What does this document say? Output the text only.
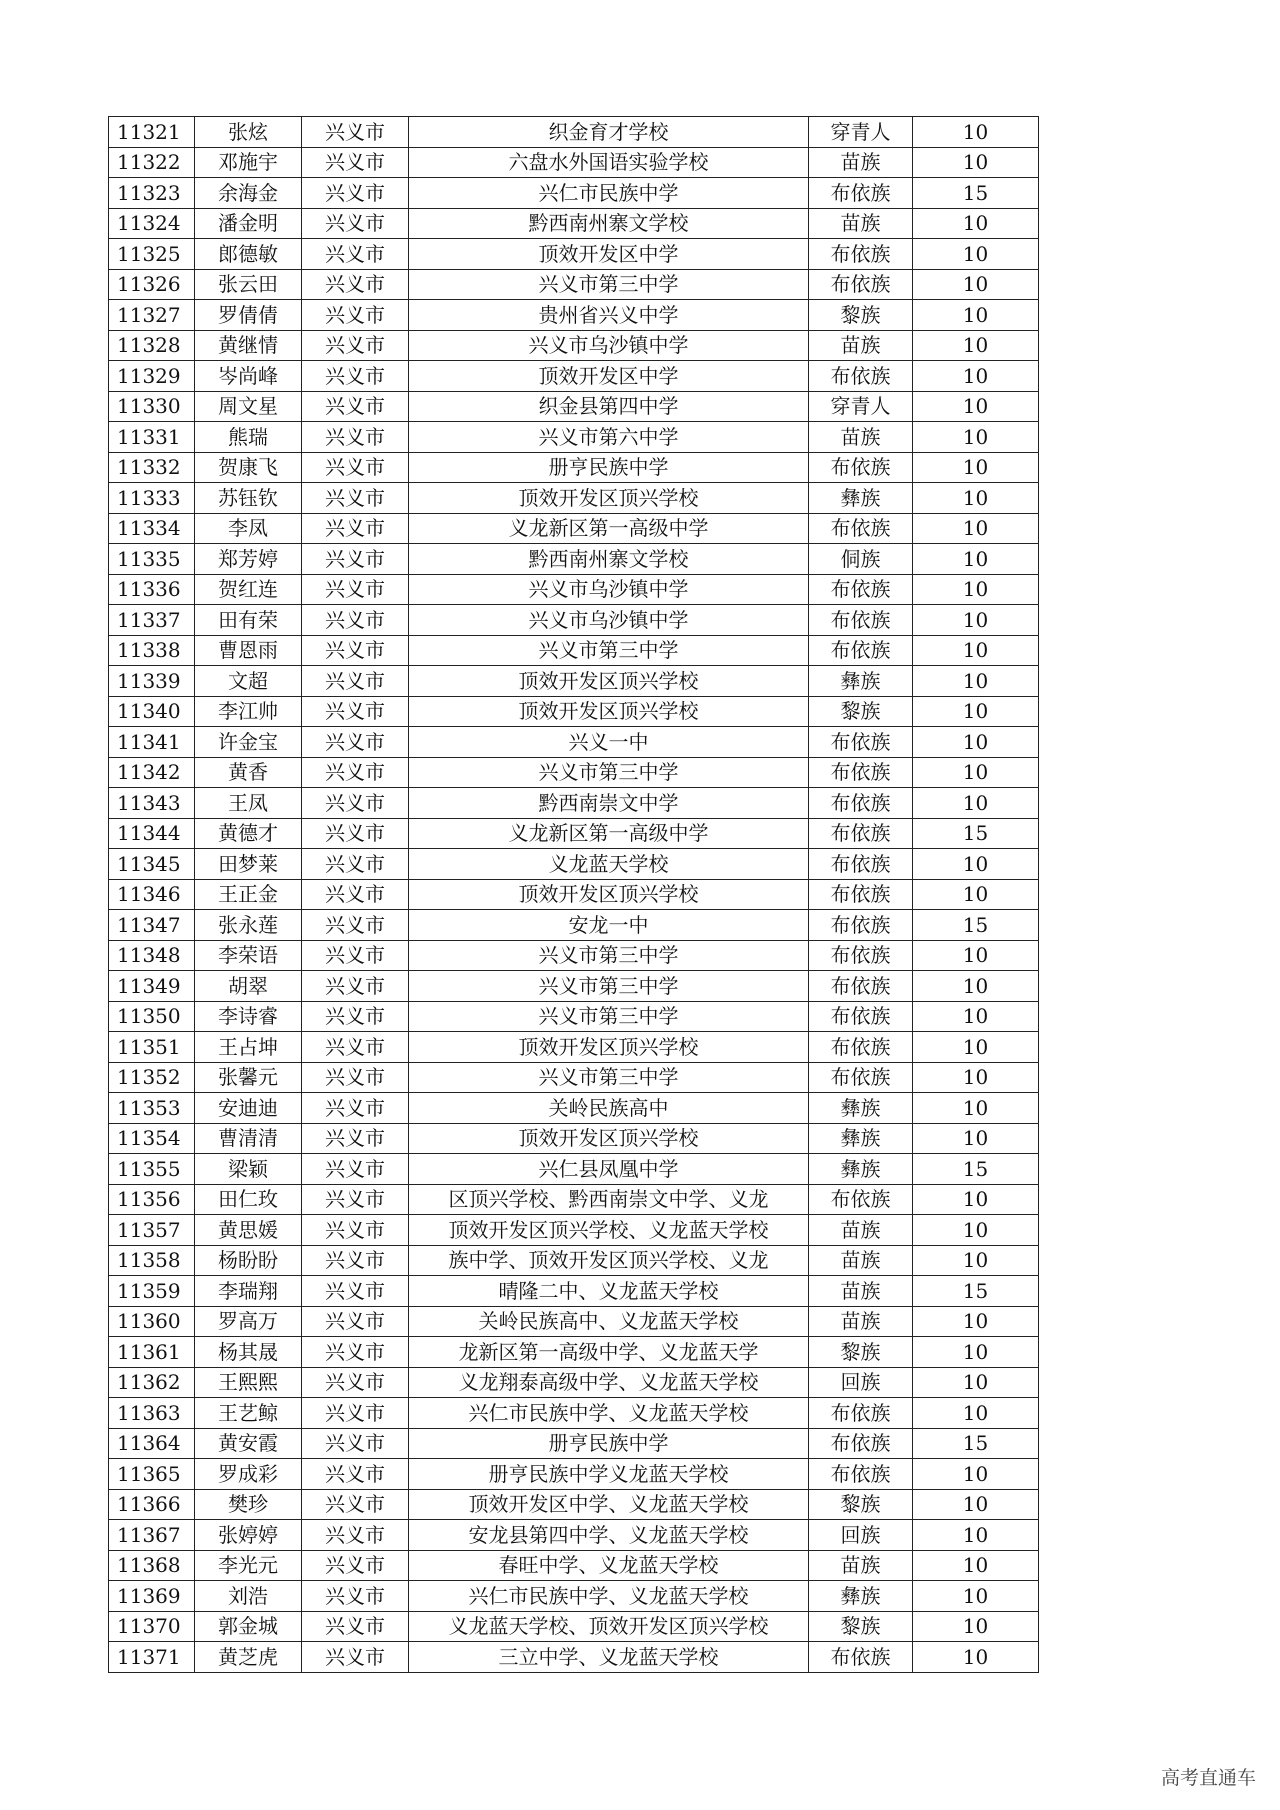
11321	张炫	兴义市	织金育才学校	穿青人	10
11322	邓施宇	兴义市	六盘水外国语实验学校	苗族	10
11323	余海金	兴义市	兴仁市民族中学	布依族	15
11324	潘金明	兴义市	黔西南州寨文学校	苗族	10
11325	郎德敏	兴义市	顶效开发区中学	布依族	10
11326	张云田	兴义市	兴义市第三中学	布依族	10
11327	罗倩倩	兴义市	贵州省兴义中学	黎族	10
11328	黄继情	兴义市	兴义市乌沙镇中学	苗族	10
11329	岑尚峰	兴义市	顶效开发区中学	布依族	10
11330	周文星	兴义市	织金县第四中学	穿青人	10
11331	熊瑞	兴义市	兴义市第六中学	苗族	10
11332	贺康飞	兴义市	册亨民族中学	布依族	10
11333	苏钰钦	兴义市	顶效开发区顶兴学校	彝族	10
11334	李凤	兴义市	义龙新区第一高级中学	布依族	10
11335	郑芳婷	兴义市	黔西南州寨文学校	侗族	10
11336	贺红连	兴义市	兴义市乌沙镇中学	布依族	10
11337	田有荣	兴义市	兴义市乌沙镇中学	布依族	10
11338	曹恩雨	兴义市	兴义市第三中学	布依族	10
11339	文超	兴义市	顶效开发区顶兴学校	彝族	10
11340	李江帅	兴义市	顶效开发区顶兴学校	黎族	10
11341	许金宝	兴义市	兴义一中	布依族	10
11342	黄香	兴义市	兴义市第三中学	布依族	10
11343	王凤	兴义市	黔西南崇文中学	布依族	10
11344	黄德才	兴义市	义龙新区第一高级中学	布依族	15
11345	田梦莱	兴义市	义龙蓝天学校	布依族	10
11346	王正金	兴义市	顶效开发区顶兴学校	布依族	10
11347	张永莲	兴义市	安龙一中	布依族	15
11348	李荣语	兴义市	兴义市第三中学	布依族	10
11349	胡翠	兴义市	兴义市第三中学	布依族	10
11350	李诗睿	兴义市	兴义市第三中学	布依族	10
11351	王占坤	兴义市	顶效开发区顶兴学校	布依族	10
11352	张馨元	兴义市	兴义市第三中学	布依族	10
11353	安迪迪	兴义市	关岭民族高中	彝族	10
11354	曹清清	兴义市	顶效开发区顶兴学校	彝族	10
11355	梁颖	兴义市	兴仁县凤凰中学	彝族	15
11356	田仁玫	兴义市	区顶兴学校、黔西南崇文中学、义龙	布依族	10
11357	黄思媛	兴义市	顶效开发区顶兴学校、义龙蓝天学校	苗族	10
11358	杨盼盼	兴义市	族中学、顶效开发区顶兴学校、义龙	苗族	10
11359	李瑞翔	兴义市	晴隆二中、义龙蓝天学校	苗族	15
11360	罗高万	兴义市	关岭民族高中、义龙蓝天学校	苗族	10
11361	杨其晟	兴义市	龙新区第一高级中学、义龙蓝天学	黎族	10
11362	王熙熙	兴义市	义龙翔泰高级中学、义龙蓝天学校	回族	10
11363	王艺鲸	兴义市	兴仁市民族中学、义龙蓝天学校	布依族	10
11364	黄安霞	兴义市	册亨民族中学	布依族	15
11365	罗成彩	兴义市	册亨民族中学义龙蓝天学校	布依族	10
11366	樊珍	兴义市	顶效开发区中学、义龙蓝天学校	黎族	10
11367	张婷婷	兴义市	安龙县第四中学、义龙蓝天学校	回族	10
11368	李光元	兴义市	春旺中学、义龙蓝天学校	苗族	10
11369	刘浩	兴义市	兴仁市民族中学、义龙蓝天学校	彝族	10
11370	郭金城	兴义市	义龙蓝天学校、顶效开发区顶兴学校	黎族	10
11371	黄芝虎	兴义市	三立中学、义龙蓝天学校	布依族	10
高考直通车
